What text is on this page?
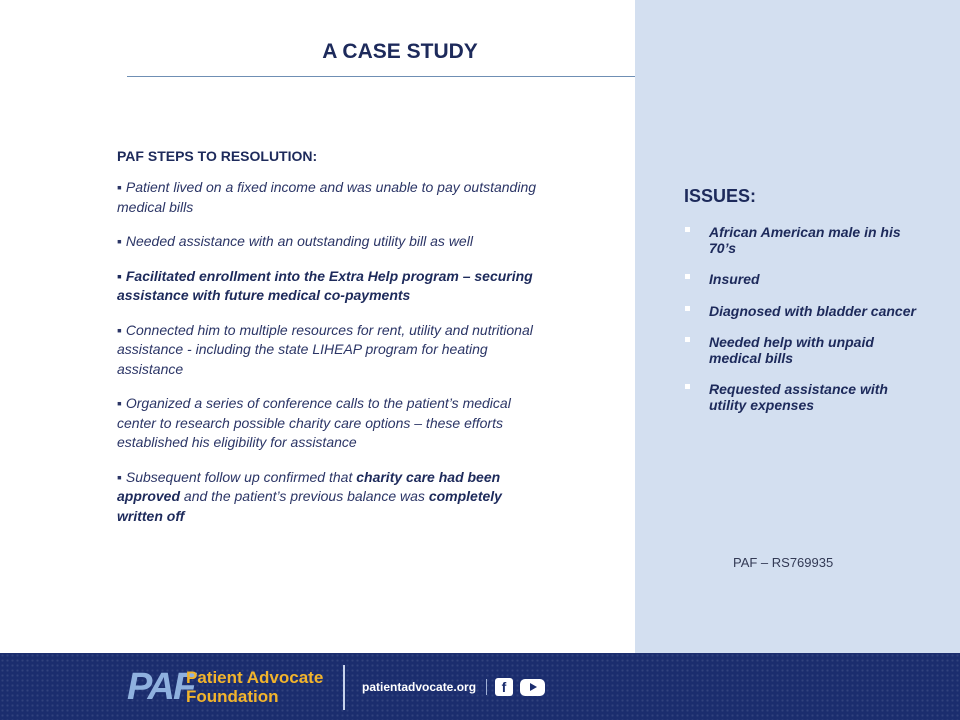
A CASE STUDY
PAF STEPS TO RESOLUTION:
▪ Patient lived on a fixed income and was unable to pay outstanding medical bills
▪ Needed assistance with an outstanding utility bill as well
▪ Facilitated enrollment into the Extra Help program – securing assistance with future medical co-payments
▪ Connected him to multiple resources for rent, utility and nutritional assistance - including the state LIHEAP program for heating assistance
▪ Organized a series of conference calls to the patient’s medical center to research possible charity care options – these efforts established his eligibility for assistance
▪ Subsequent follow up confirmed that charity care had been approved and the patient’s previous balance was completely written off
ISSUES:
African American male in his 70’s
Insured
Diagnosed with bladder cancer
Needed help with unpaid medical bills
Requested assistance with utility expenses
PAF – RS769935
PAF
Patient Advocate
Foundation	patientadvocate.org	f
